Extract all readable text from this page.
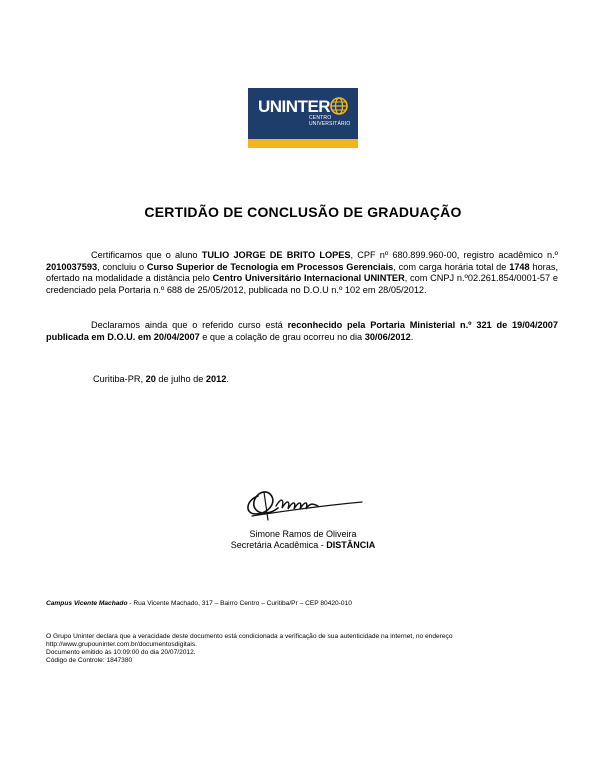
UNINTER
CENTRO
UNIVERSITÁRIO
CERTIDÃO DE CONCLUSÃO DE GRADUAÇÃO
Certificamos que o aluno TULIO JORGE DE BRITO LOPES, CPF nº 680.899.960-00, registro acadêmico n.º 2010037593, concluiu o Curso Superior de Tecnologia em Processos Gerenciais, com carga horária total de 1748 horas, ofertado na modalidade a distância pelo Centro Universitário Internacional UNINTER, com CNPJ n.º02.261.854/0001-57 e credenciado pela Portaria n.º 688 de 25/05/2012, publicada no D.O.U n.º 102 em 28/05/2012.
Declaramos ainda que o referido curso está reconhecido pela Portaria Ministerial n.º 321 de 19/04/2007 publicada em D.O.U. em 20/04/2007 e que a colação de grau ocorreu no dia 30/06/2012.
Curitiba-PR, 20 de julho de 2012.
Simone Ramos de Oliveira
Secretária Acadêmica - DISTÂNCIA
Campus Vicente Machado - Rua Vicente Machado, 317 – Bairro Centro – Curitiba/Pr – CEP 80420-010
O Grupo Uninter declara que a veracidade deste documento está condicionada a verificação de sua autenticidade na internet, no endereço
http://www.grupouninter.com.br/documentosdigitais.
Documento emitido às 10:09:00 do dia 20/07/2012.
Código de Controle: 1847380
